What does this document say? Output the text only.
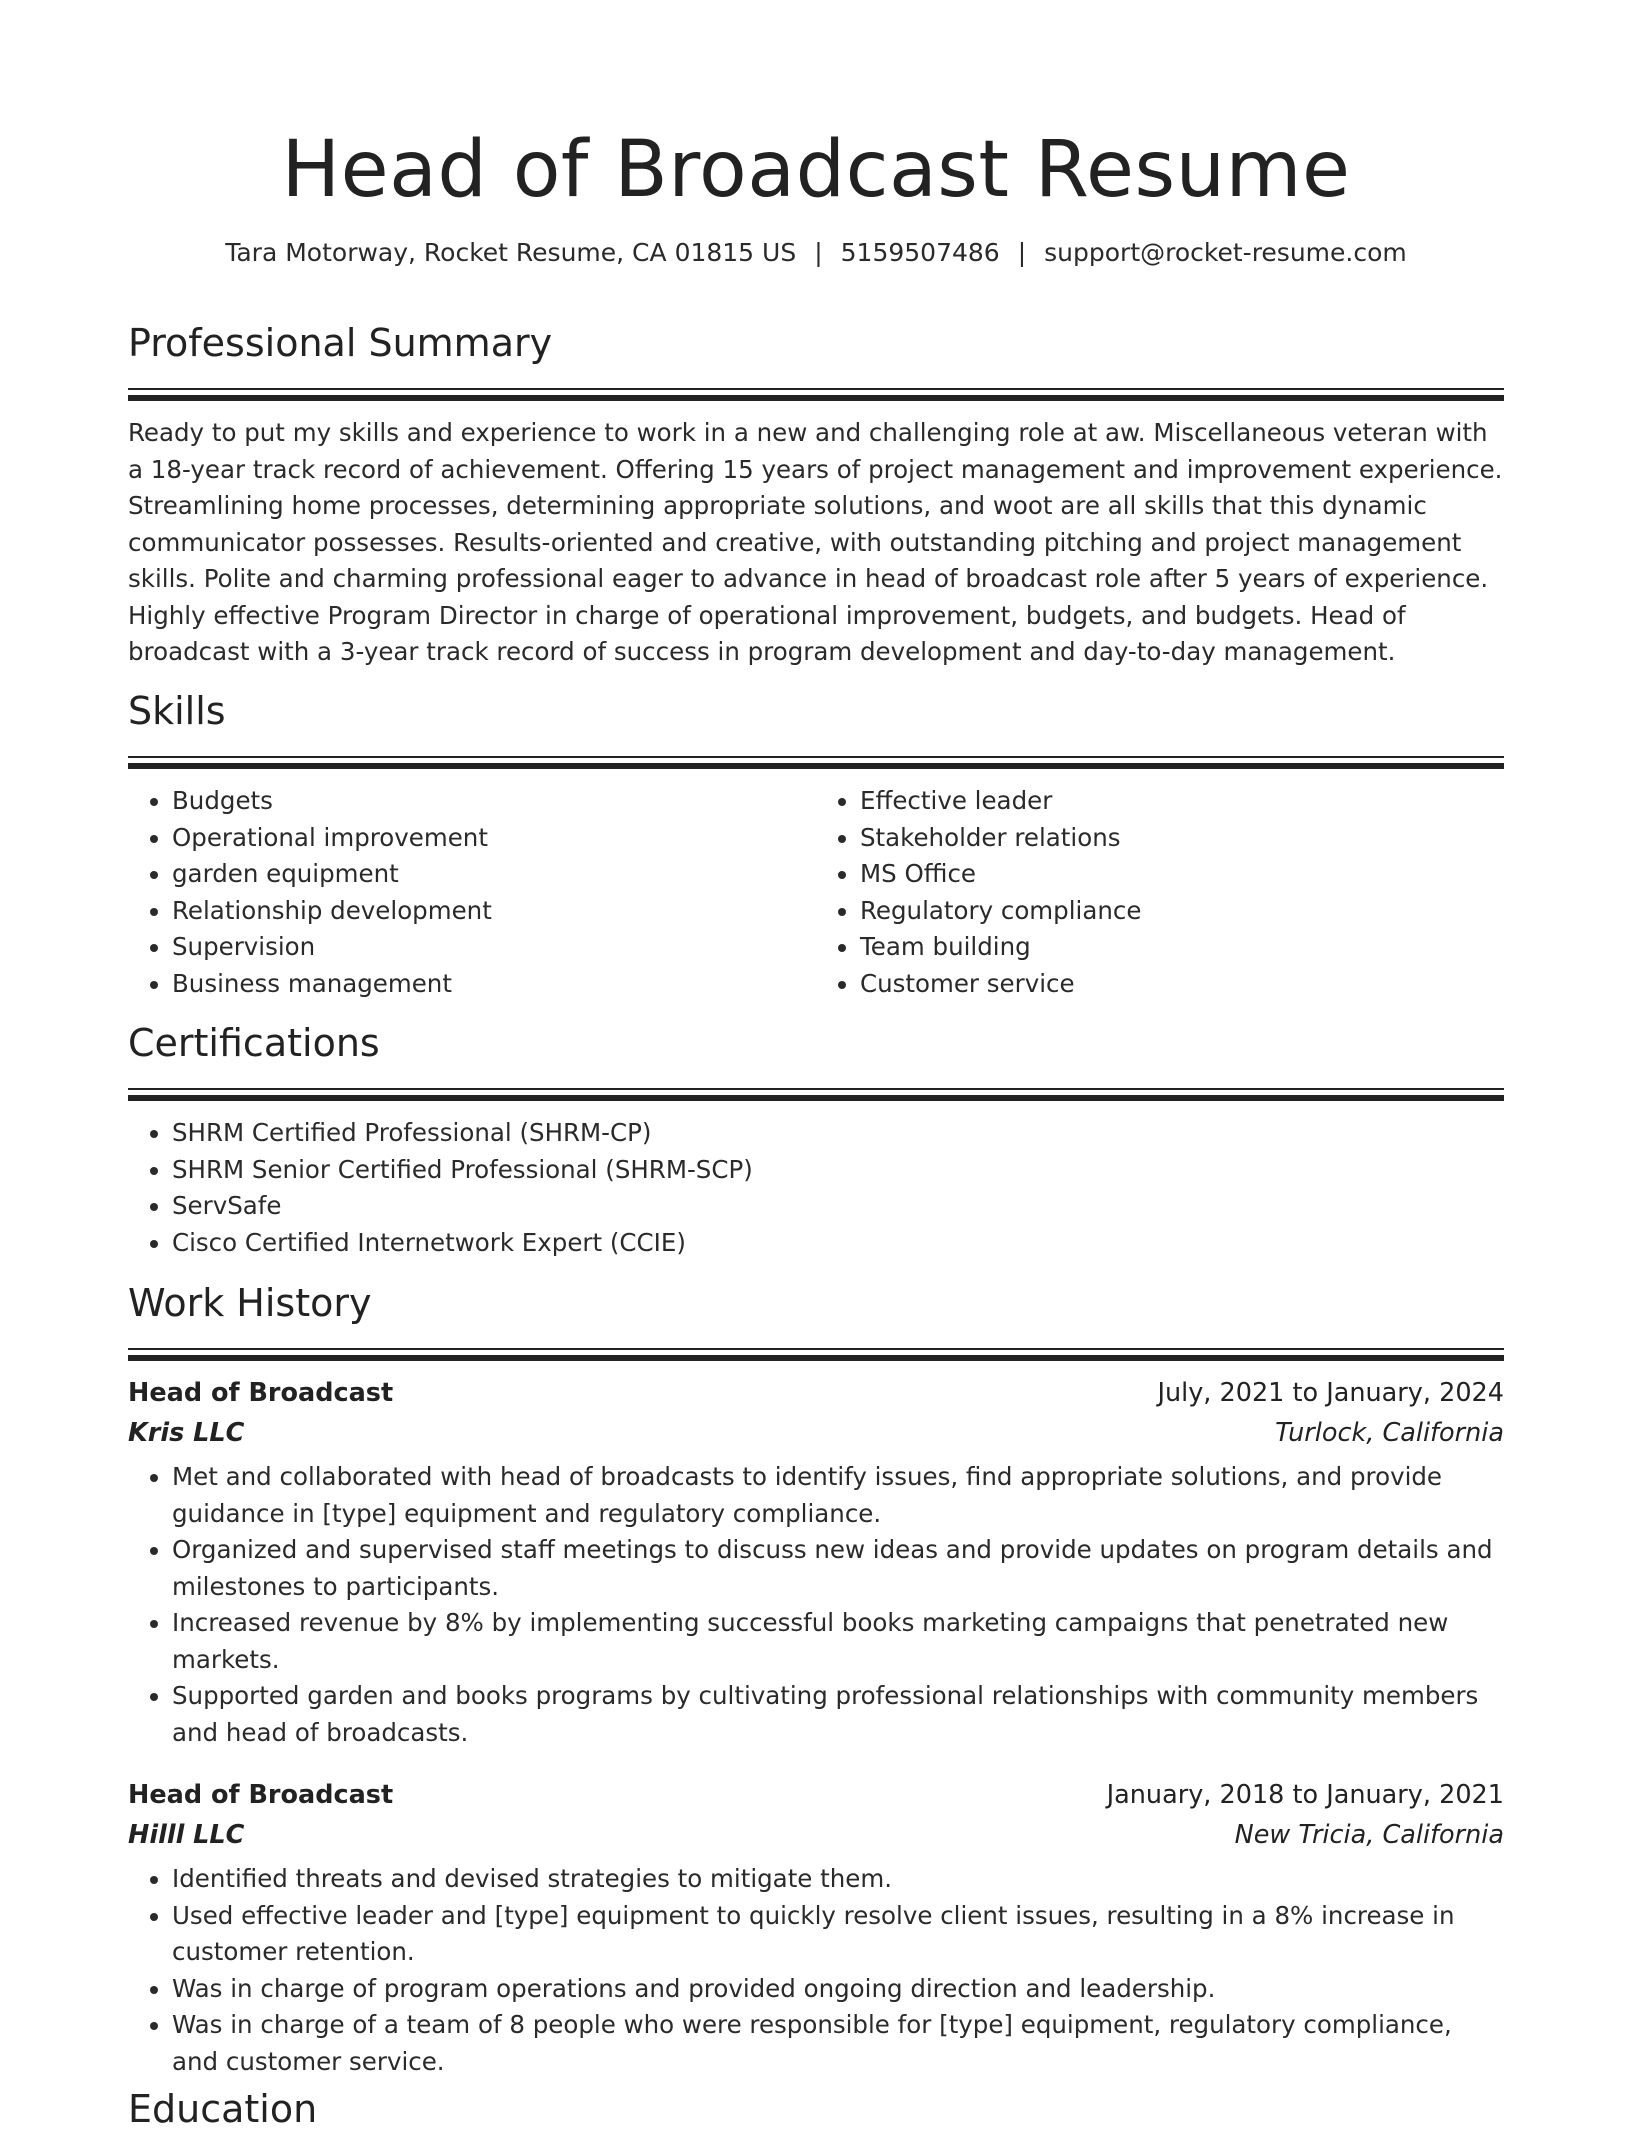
Head of Broadcast Resume
Tara Motorway, Rocket Resume, CA 01815 US | 5159507486 | support@rocket-resume.com
Professional Summary
Ready to put my skills and experience to work in a new and challenging role at aw. Miscellaneous veteran with a 18-year track record of achievement. Offering 15 years of project management and improvement experience. Streamlining home processes, determining appropriate solutions, and woot are all skills that this dynamic communicator possesses. Results-oriented and creative, with outstanding pitching and project management skills. Polite and charming professional eager to advance in head of broadcast role after 5 years of experience. Highly effective Program Director in charge of operational improvement, budgets, and budgets. Head of broadcast with a 3-year track record of success in program development and day-to-day management.
Skills
• Budgets
• Operational improvement
• garden equipment
• Relationship development
• Supervision
• Business management
• Effective leader
• Stakeholder relations
• MS Office
• Regulatory compliance
• Team building
• Customer service
Certifications
• SHRM Certified Professional (SHRM-CP)
• SHRM Senior Certified Professional (SHRM-SCP)
• ServSafe
• Cisco Certified Internetwork Expert (CCIE)
Work History
Head of Broadcast	July, 2021 to January, 2024
Kris LLC	Turlock, California
• Met and collaborated with head of broadcasts to identify issues, find appropriate solutions, and provide guidance in [type] equipment and regulatory compliance.
• Organized and supervised staff meetings to discuss new ideas and provide updates on program details and milestones to participants.
• Increased revenue by 8% by implementing successful books marketing campaigns that penetrated new markets.
• Supported garden and books programs by cultivating professional relationships with community members and head of broadcasts.
Head of Broadcast	January, 2018 to January, 2021
Hilll LLC	New Tricia, California
• Identified threats and devised strategies to mitigate them.
• Used effective leader and [type] equipment to quickly resolve client issues, resulting in a 8% increase in customer retention.
• Was in charge of program operations and provided ongoing direction and leadership.
• Was in charge of a team of 8 people who were responsible for [type] equipment, regulatory compliance, and customer service.
Education
